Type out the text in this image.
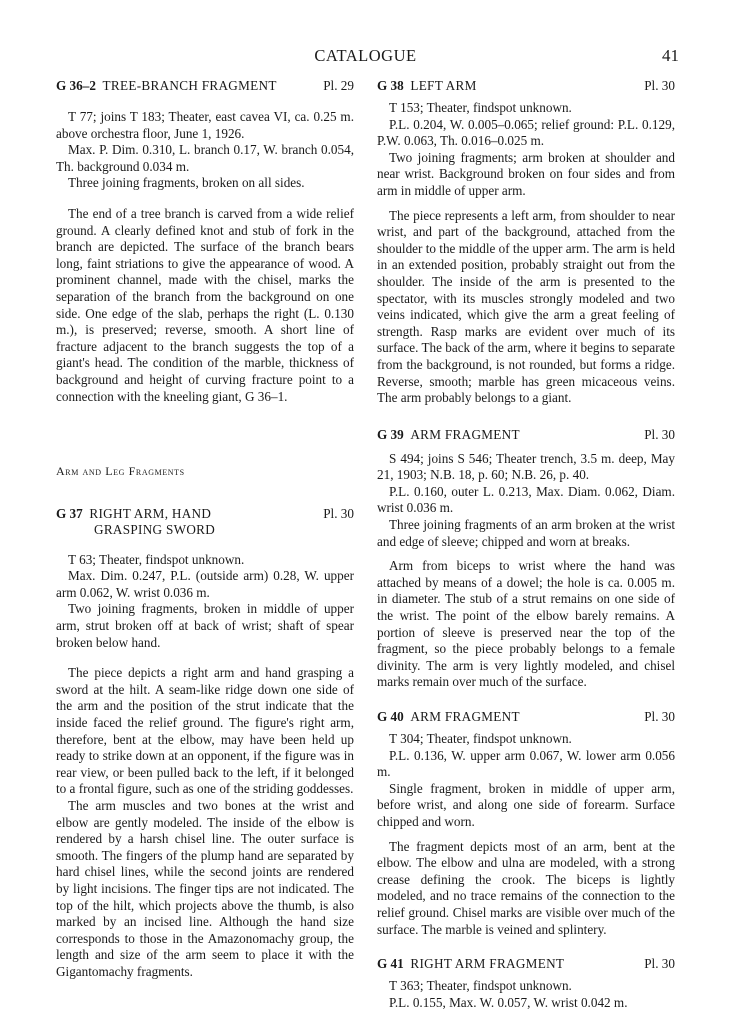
CATALOGUE	41
G 36–2 TREE-BRANCH FRAGMENT	Pl. 29

T 77; joins T 183; Theater, east cavea VI, ca. 0.25 m. above orchestra floor, June 1, 1926.

Max. P. Dim. 0.310, L. branch 0.17, W. branch 0.054, Th. background 0.034 m.

Three joining fragments, broken on all sides.

The end of a tree branch is carved from a wide relief ground. A clearly defined knot and stub of fork in the branch are depicted. The surface of the branch bears long, faint striations to give the appearance of wood. A prominent channel, made with the chisel, marks the separation of the branch from the background on one side. One edge of the slab, perhaps the right (L. 0.130 m.), is preserved; reverse, smooth. A short line of fracture adjacent to the branch suggests the top of a giant's head. The condition of the marble, thickness of background and height of curving fracture point to a connection with the kneeling giant, G 36–1.

Arm and Leg Fragments

G 37 RIGHT ARM, HAND	Pl. 30
GRASPING SWORD

T 63; Theater, findspot unknown.

Max. Dim. 0.247, P.L. (outside arm) 0.28, W. upper arm 0.062, W. wrist 0.036 m.

Two joining fragments, broken in middle of upper arm, strut broken off at back of wrist; shaft of spear broken below hand.

The piece depicts a right arm and hand grasping a sword at the hilt. A seam-like ridge down one side of the arm and the position of the strut indicate that the inside faced the relief ground. The figure's right arm, therefore, bent at the elbow, may have been held up ready to strike down at an opponent, if the figure was in rear view, or been pulled back to the left, if it belonged to a frontal figure, such as one of the striding goddesses.

The arm muscles and two bones at the wrist and elbow are gently modeled. The inside of the elbow is rendered by a harsh chisel line. The outer surface is smooth. The fingers of the plump hand are separated by hard chisel lines, while the second joints are rendered by light incisions. The finger tips are not indicated. The top of the hilt, which projects above the thumb, is also marked by an incised line. Although the hand size corresponds to those in the Amazonomachy group, the length and size of the arm seem to place it with the Gigantomachy fragments.

G 38 LEFT ARM	Pl. 30

T 153; Theater, findspot unknown.

P.L. 0.204, W. 0.005–0.065; relief ground: P.L. 0.129, P.W. 0.063, Th. 0.016–0.025 m.

Two joining fragments; arm broken at shoulder and near wrist. Background broken on four sides and from arm in middle of upper arm.

The piece represents a left arm, from shoulder to near wrist, and part of the background, attached from the shoulder to the middle of the upper arm. The arm is held in an extended position, probably straight out from the shoulder. The inside of the arm is presented to the spectator, with its muscles strongly modeled and two veins indicated, which give the arm a great feeling of strength. Rasp marks are evident over much of its surface. The back of the arm, where it begins to separate from the background, is not rounded, but forms a ridge. Reverse, smooth; marble has green micaceous veins. The arm probably belongs to a giant.

G 39 ARM FRAGMENT	Pl. 30

S 494; joins S 546; Theater trench, 3.5 m. deep, May 21, 1903; N.B. 18, p. 60; N.B. 26, p. 40.

P.L. 0.160, outer L. 0.213, Max. Diam. 0.062, Diam. wrist 0.036 m.

Three joining fragments of an arm broken at the wrist and edge of sleeve; chipped and worn at breaks.

Arm from biceps to wrist where the hand was attached by means of a dowel; the hole is ca. 0.005 m. in diameter. The stub of a strut remains on one side of the wrist. The point of the elbow barely remains. A portion of sleeve is preserved near the top of the fragment, so the piece probably belongs to a female divinity. The arm is very lightly modeled, and chisel marks remain over much of the surface.

G 40 ARM FRAGMENT	Pl. 30

T 304; Theater, findspot unknown.

P.L. 0.136, W. upper arm 0.067, W. lower arm 0.056 m.

Single fragment, broken in middle of upper arm, before wrist, and along one side of forearm. Surface chipped and worn.

The fragment depicts most of an arm, bent at the elbow. The elbow and ulna are modeled, with a strong crease defining the crook. The biceps is lightly modeled, and no trace remains of the connection to the relief ground. Chisel marks are visible over much of the surface. The marble is veined and splintery.

G 41 RIGHT ARM FRAGMENT	Pl. 30

T 363; Theater, findspot unknown.

P.L. 0.155, Max. W. 0.057, W. wrist 0.042 m.
